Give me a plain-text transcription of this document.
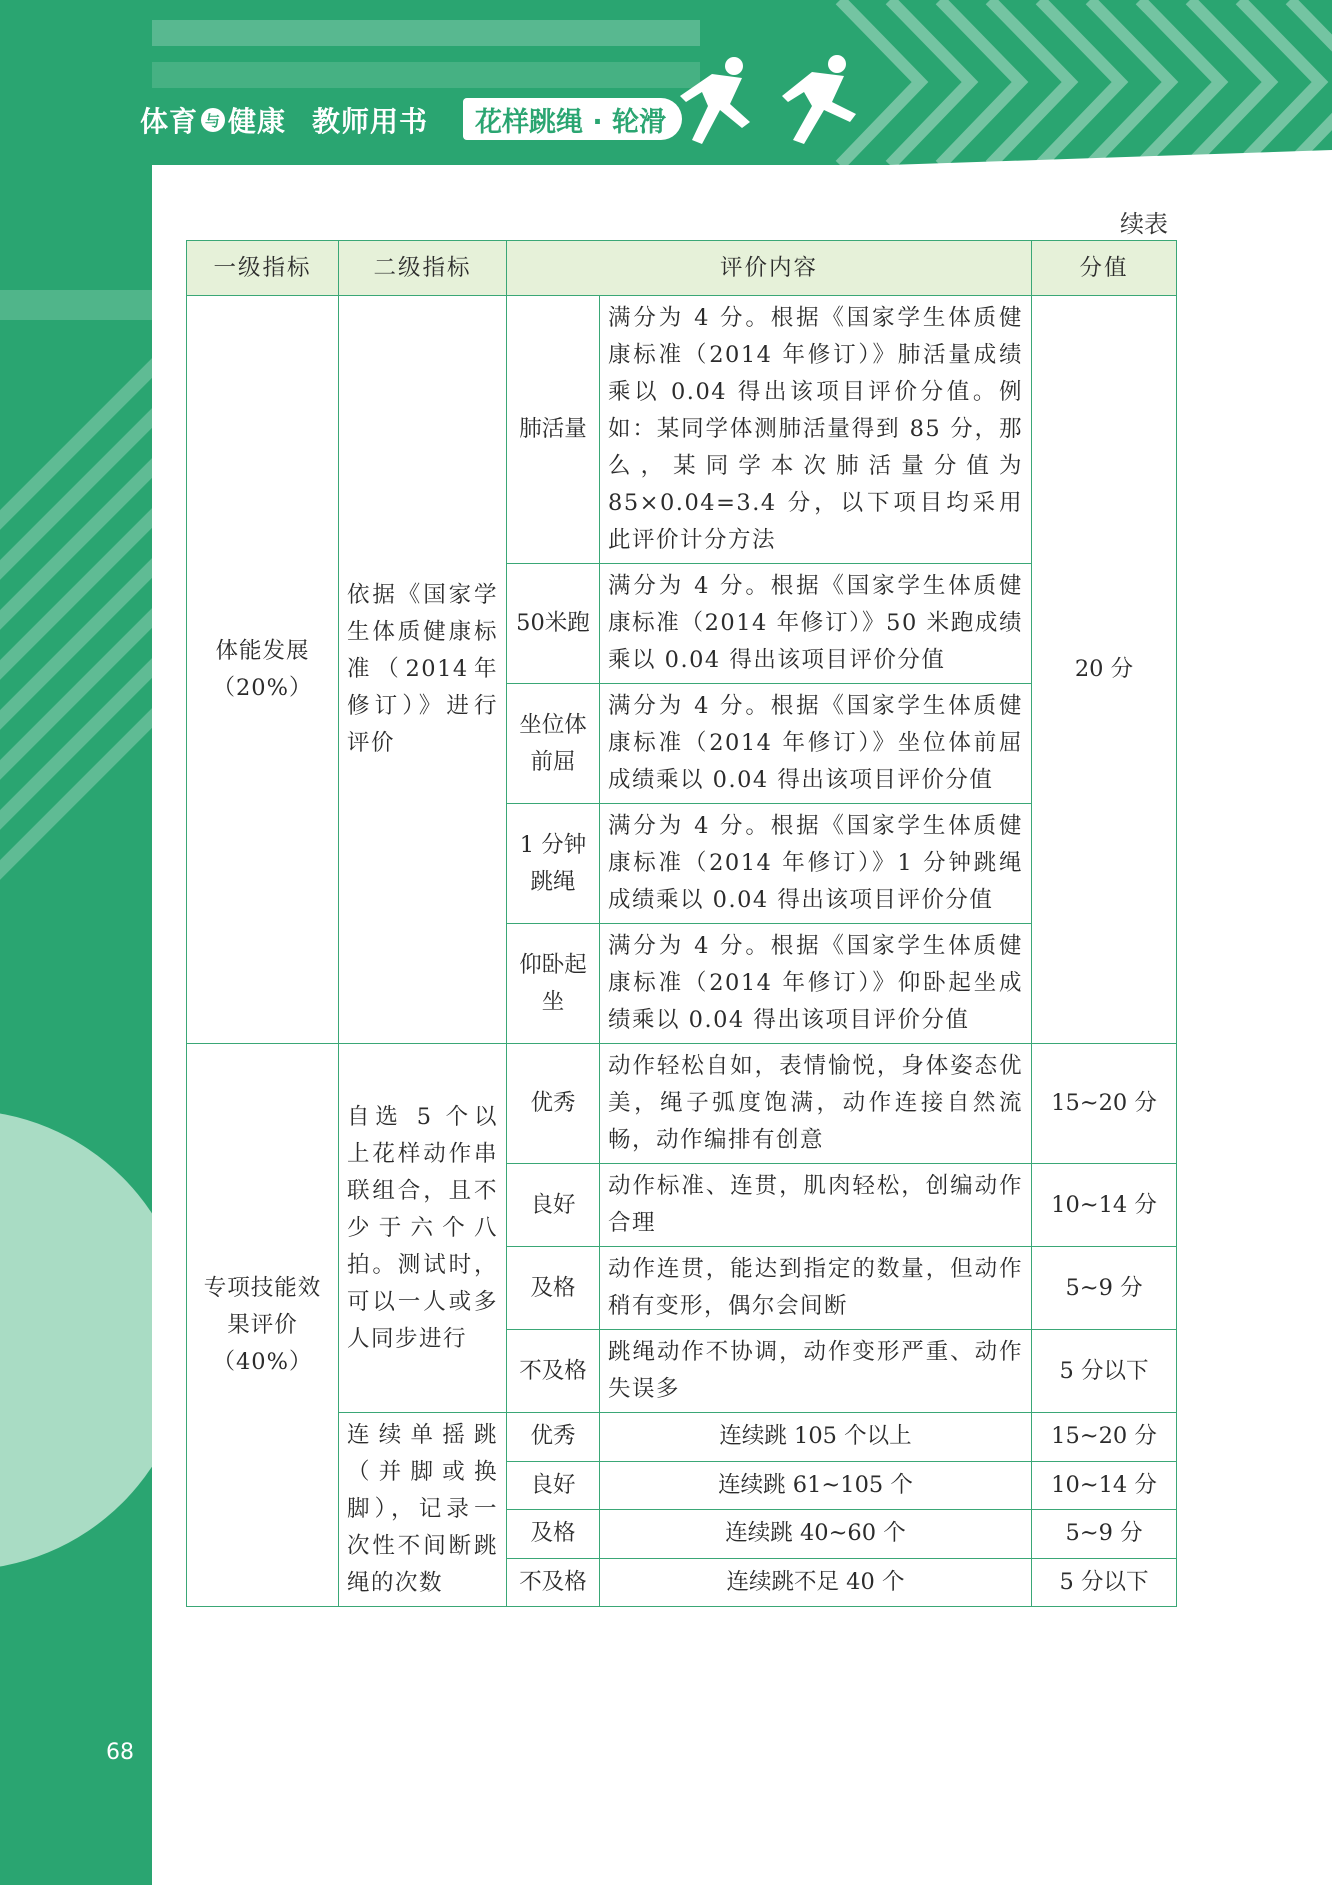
体育 与 健康 教师用书	花样跳绳 · 轮滑
续表
一级指标	二级指标	评价内容		分值
体能发展（20%）	依据《国家学生体质健康标准（2014年修订）》进行评价	肺活量	满分为 4 分。根据《国家学生体质健康标准（2014 年修订）》肺活量成绩乘以 0.04 得出该项目评价分值。例如：某同学体测肺活量得到 85 分，那么，某同学本次肺活量分值为 85×0.04=3.4 分，以下项目均采用此评价计分方法	20 分
		50米跑	满分为 4 分。根据《国家学生体质健康标准（2014 年修订）》50 米跑成绩乘以 0.04 得出该项目评价分值	
		坐位体前屈	满分为 4 分。根据《国家学生体质健康标准（2014 年修订）》坐位体前屈成绩乘以 0.04 得出该项目评价分值	
		1 分钟跳绳	满分为 4 分。根据《国家学生体质健康标准（2014 年修订）》1 分钟跳绳成绩乘以 0.04 得出该项目评价分值	
		仰卧起坐	满分为 4 分。根据《国家学生体质健康标准（2014 年修订）》仰卧起坐成绩乘以 0.04 得出该项目评价分值	
专项技能效果评价（40%）	自选 5 个以上花样动作串联组合，且不少于六个八拍。测试时，可以一人或多人同步进行	优秀	动作轻松自如，表情愉悦，身体姿态优美，绳子弧度饱满，动作连接自然流畅，动作编排有创意	15~20 分
		良好	动作标准、连贯，肌肉轻松，创编动作合理	10~14 分
		及格	动作连贯，能达到指定的数量，但动作稍有变形，偶尔会间断	5~9 分
		不及格	跳绳动作不协调，动作变形严重、动作失误多	5 分以下
	连续单摇跳（并脚或换脚），记录一次性不间断跳绳的次数	优秀	连续跳 105 个以上	15~20 分
		良好	连续跳 61~105 个	10~14 分
		及格	连续跳 40~60 个	5~9 分
		不及格	连续跳不足 40 个	5 分以下
68
